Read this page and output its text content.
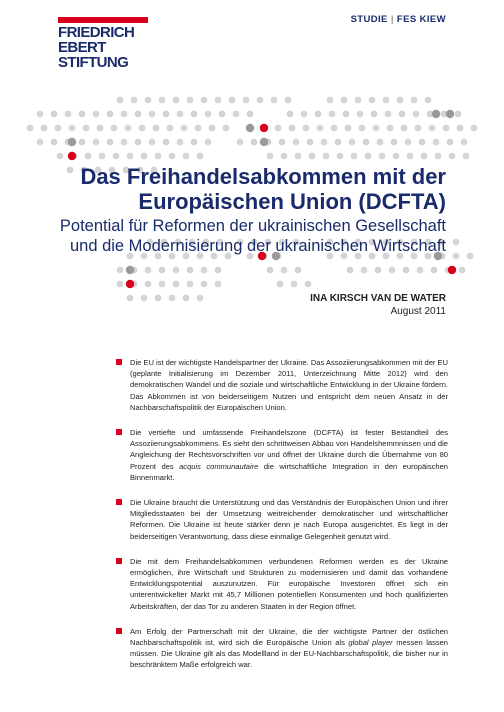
FRIEDRICH
EBERT
STIFTUNG
STUDIE | FES KIEW
Das Freihandelsabkommen mit der
Europäischen Union (DCFTA)
Potential für Reformen der ukrainischen Gesellschaft
und die Modernisierung der ukrainischen Wirtschaft
INA KIRSCH VAN DE WATER
August 2011
Die EU ist der wichtigste Handelspartner der Ukraine. Das Assoziierungsabkommen mit der EU (geplante Initialisierung im Dezember 2011, Unterzeichnung Mitte 2012) wird den demokratischen Wandel und die soziale und wirtschaftliche Entwicklung in der Ukraine fördern. Das Abkommen ist von beiderseitigem Nutzen und entspricht dem neuen Ansatz in der Nachbarschaftspolitik der Europäischen Union.
Die vertiefte und umfassende Freihandelszone (DCFTA) ist fester Bestandteil des Assoziierungsabkommens. Es sieht den schrittweisen Abbau von Handelshemmnissen und die Angleichung der Rechtsvorschriften vor und öffnet der Ukraine durch die Übernahme von 80 Prozent des acquis communautaire die wirtschaftliche Integration in den europäischen Binnenmarkt.
Die Ukraine braucht die Unterstützung und das Verständnis der Europäischen Union und ihrer Mitgliedsstaaten bei der Umsetzung weitreichender demokratischer und wirtschaftlicher Reformen. Die Ukraine ist heute stärker denn je nach Europa ausgerichtet. Es liegt in der beiderseitigen Verantwortung, dass diese einmalige Gelegenheit genutzt wird.
Die mit dem Freihandelsabkommen verbundenen Reformen werden es der Ukraine ermöglichen, ihre Wirtschaft und Strukturen zu modernisieren und damit das vorhandene Entwicklungspotential auszunutzen. Für europäische Investoren öffnet sich ein unterentwickelter Markt mit 45,7 Millionen potentiellen Konsumenten und hoch qualifizierten Arbeitskräften, der das Tor zu anderen Staaten in der Region öffnet.
Am Erfolg der Partnerschaft mit der Ukraine, die der wichtigste Partner der östlichen Nachbarschaftspolitik ist, wird sich die Europäische Union als global player messen lassen müssen. Die Ukraine gilt als das Modellland in der EU-Nachbarschaftspolitik, die bisher nur in beschränktem Maße erfolgreich war.
